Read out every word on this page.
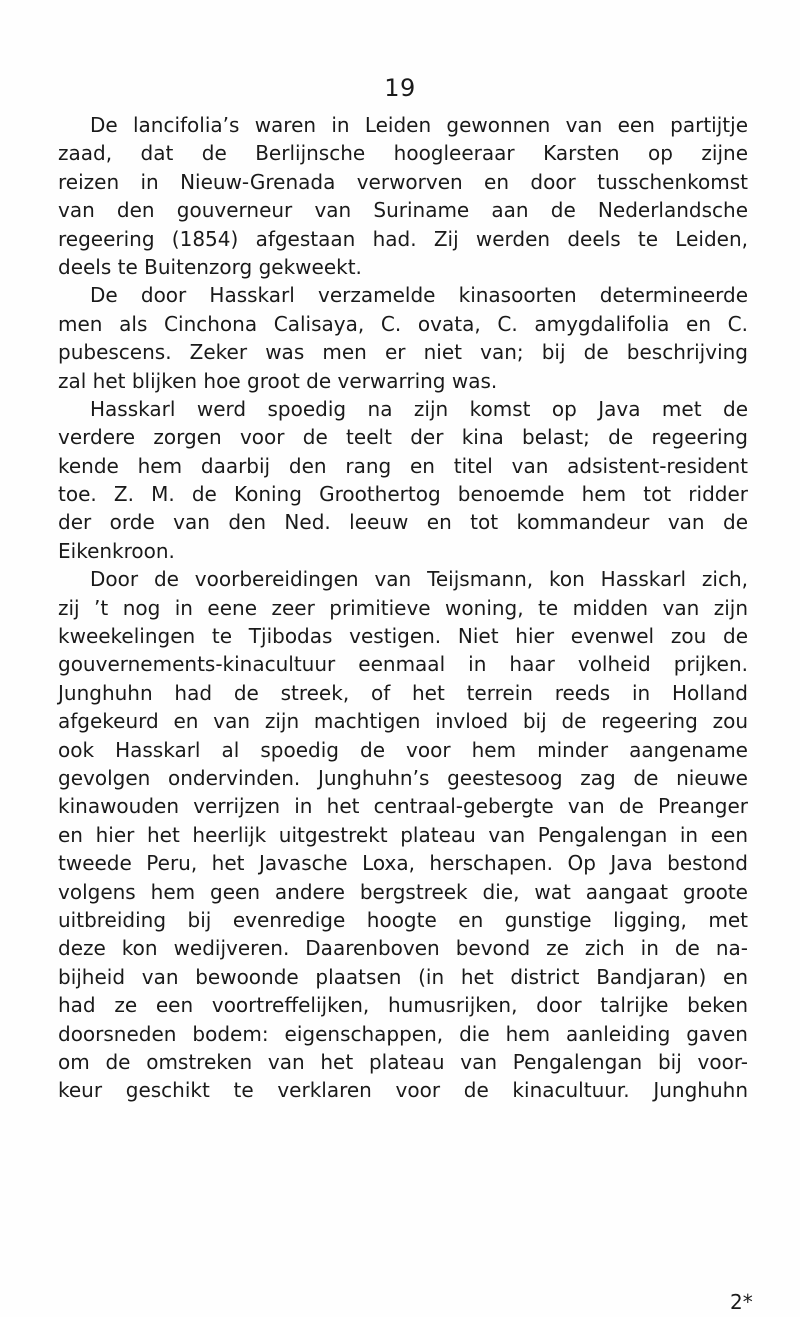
19
De lancifolia’s waren in Leiden gewonnen van een partijtje
zaad, dat de Berlijnsche hoogleeraar Karsten op zijne
reizen in Nieuw-Grenada verworven en door tusschenkomst
van den gouverneur van Suriname aan de Nederlandsche
regeering (1854) afgestaan had. Zij werden deels te Leiden,
deels te Buitenzorg gekweekt.
De door Hasskarl verzamelde kinasoorten determineerde
men als Cinchona Calisaya, C. ovata, C. amygdalifolia en C.
pubescens. Zeker was men er niet van; bij de beschrijving
zal het blijken hoe groot de verwarring was.
Hasskarl werd spoedig na zijn komst op Java met de
verdere zorgen voor de teelt der kina belast; de regeering
kende hem daarbij den rang en titel van adsistent-resident
toe. Z. M. de Koning Groothertog benoemde hem tot ridder
der orde van den Ned. leeuw en tot kommandeur van de
Eikenkroon.
Door de voorbereidingen van Teijsmann, kon Hasskarl zich,
zij ’t nog in eene zeer primitieve woning, te midden van zijn
kweekelingen te Tjibodas vestigen. Niet hier evenwel zou de
gouvernements-kinacultuur eenmaal in haar volheid prijken.
Junghuhn had de streek, of het terrein reeds in Holland
afgekeurd en van zijn machtigen invloed bij de regeering zou
ook Hasskarl al spoedig de voor hem minder aangename
gevolgen ondervinden. Junghuhn’s geestesoog zag de nieuwe
kinawouden verrijzen in het centraal-gebergte van de Preanger
en hier het heerlijk uitgestrekt plateau van Pengalengan in een
tweede Peru, het Javasche Loxa, herschapen. Op Java bestond
volgens hem geen andere bergstreek die, wat aangaat groote
uitbreiding bij evenredige hoogte en gunstige ligging, met
deze kon wedijveren. Daarenboven bevond ze zich in de na-
bijheid van bewoonde plaatsen (in het district Bandjaran) en
had ze een voortreffelijken, humusrijken, door talrijke beken
doorsneden bodem: eigenschappen, die hem aanleiding gaven
om de omstreken van het plateau van Pengalengan bij voor-
keur geschikt te verklaren voor de kinacultuur. Junghuhn
2*
